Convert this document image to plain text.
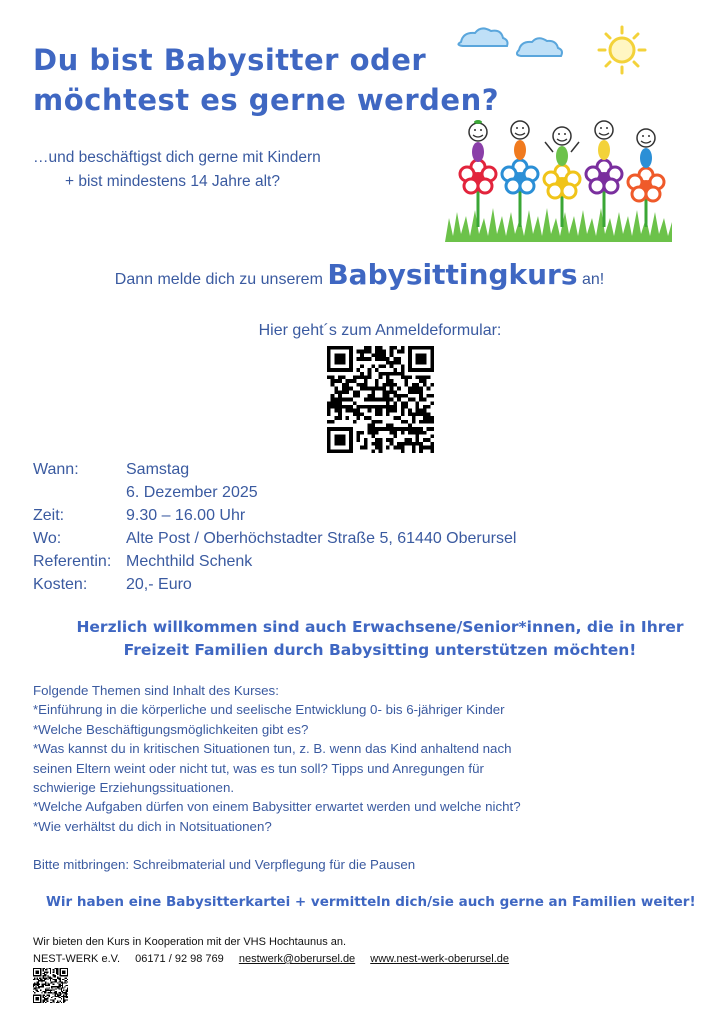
Du bist Babysitter oder
möchtest es gerne werden?
…und beschäftigst dich gerne mit Kindern
+ bist mindestens 14 Jahre alt?
Dann melde dich zu unserem Babysittingkurs an!
Hier geht´s zum Anmeldeformular:
Wann:	Samstag
6. Dezember 2025
Zeit:	9.30 – 16.00 Uhr
Wo:	Alte Post / Oberhöchstadter Straße 5, 61440 Oberursel
Referentin: Mechthild Schenk
Kosten:	20,- Euro
Herzlich willkommen sind auch Erwachsene/Senior*innen, die in Ihrer
Freizeit Familien durch Babysitting unterstützen möchten!
Folgende Themen sind Inhalt des Kurses:
*Einführung in die körperliche und seelische Entwicklung 0- bis 6-jähriger Kinder
*Welche Beschäftigungsmöglichkeiten gibt es?
*Was kannst du in kritischen Situationen tun, z. B. wenn das Kind anhaltend nach
seinen Eltern weint oder nicht tut, was es tun soll? Tipps und Anregungen für
schwierige Erziehungssituationen.
*Welche Aufgaben dürfen von einem Babysitter erwartet werden und welche nicht?
*Wie verhältst du dich in Notsituationen?
Bitte mitbringen: Schreibmaterial und Verpflegung für die Pausen
Wir haben eine Babysitterkartei + vermitteln dich/sie auch gerne an Familien weiter!
Wir bieten den Kurs in Kooperation mit der VHS Hochtaunus an.
NEST-WERK e.V. 06171 / 92 98 769 nestwerk@oberursel.de www.nest-werk-oberursel.de
